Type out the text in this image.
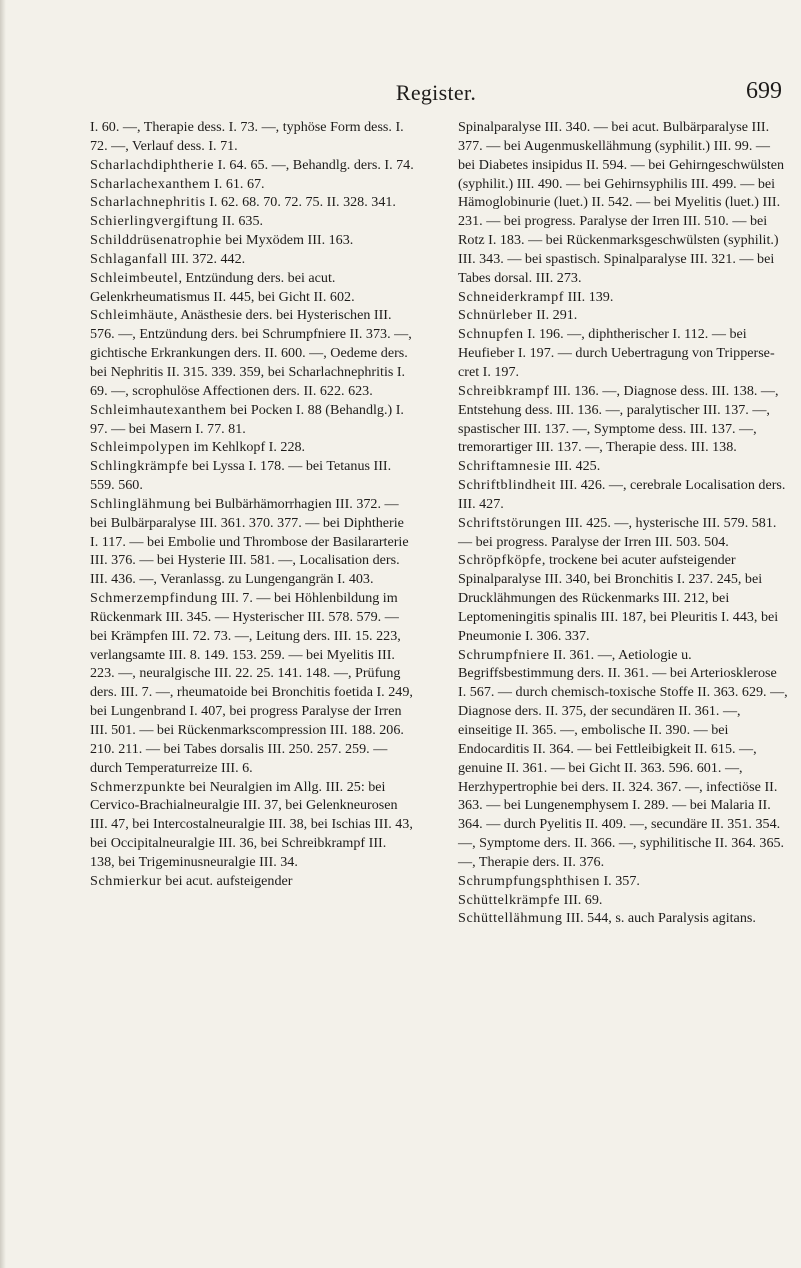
Register.	699

I. 60. —, Therapie dess. I. 73. —, typhöse Form dess. I. 72. —, Verlauf dess. I. 71.

Scharlachdiphtherie I. 64. 65. —, Behandlg. ders. I. 74.

Scharlachexanthem I. 61. 67.

Scharlachnephritis I. 62. 68. 70. 72. 75. II. 328. 341.

Schierlingvergiftung II. 635.

Schilddrüsenatrophie bei Myxödem III. 163.

Schlaganfall III. 372. 442.

Schleimbeutel, Entzündung ders. bei acut. Gelenkrheumatismus II. 445, bei Gicht II. 602.

Schleimhäute, Anästhesie ders. bei Hysterischen III. 576. —, Entzündung ders. bei Schrumpfniere II. 373. —, gichtische Erkrankungen ders. II. 600. —, Oedeme ders. bei Nephritis II. 315. 339. 359, bei Scharlachnephritis I. 69. —, scrophulöse Affectionen ders. II. 622. 623.

Schleimhautexanthem bei Pocken I. 88 (Behandlg.) I. 97. — bei Masern I. 77. 81.

Schleimpolypen im Kehlkopf I. 228.

Schlingkrämpfe bei Lyssa I. 178. — bei Tetanus III. 559. 560.

Schlinglähmung bei Bulbärhämorrhagien III. 372. — bei Bulbärparalyse III. 361. 370. 377. — bei Diphtherie I. 117. — bei Embolie und Thrombose der Basilararterie III. 376. — bei Hysterie III. 581. —, Localisation ders. III. 436. —, Veranlassg. zu Lungengangrän I. 403.

Schmerzempfindung III. 7. — bei Höhlenbildung im Rückenmark III. 345. — Hysterischer III. 578. 579. — bei Krämpfen III. 72. 73. —, Leitung ders. III. 15. 223, verlangsamte III. 8. 149. 153. 259. — bei Myelitis III. 223. —, neuralgische III. 22. 25. 141. 148. —, Prüfung ders. III. 7. —, rheumatoide bei Bronchitis foetida I. 249, bei Lungenbrand I. 407, bei progress Paralyse der Irren III. 501. — bei Rückenmarkscompression III. 188. 206. 210. 211. — bei Tabes dorsalis III. 250. 257. 259. — durch Temperaturreize III. 6.

Schmerzpunkte bei Neuralgien im Allg. III. 25: bei Cervico-Brachialneuralgie III. 37, bei Gelenkneurosen III. 47, bei Intercostalneuralgie III. 38, bei Ischias III. 43, bei Occipitalneuralgie III. 36, bei Schreibkrampf III. 138, bei Trigeminusneuralgie III. 34.

Schmierkur bei acut. aufsteigender

Spinalparalyse III. 340. — bei acut. Bulbärparalyse III. 377. — bei Augenmuskellähmung (syphilit.) III. 99. — bei Diabetes insipidus II. 594. — bei Gehirngeschwülsten (syphilit.) III. 490. — bei Gehirnsyphilis III. 499. — bei Hämoglobinurie (luet.) II. 542. — bei Myelitis (luet.) III. 231. — bei progress. Paralyse der Irren III. 510. — bei Rotz I. 183. — bei Rückenmarksgeschwülsten (syphilit.) III. 343. — bei spastisch. Spinalparalyse III. 321. — bei Tabes dorsal. III. 273.

Schneiderkrampf III. 139.

Schnürleber II. 291.

Schnupfen I. 196. —, diphtherischer I. 112. — bei Heufieber I. 197. — durch Uebertragung von Tripperse-cret I. 197.

Schreibkrampf III. 136. —, Diagnose dess. III. 138. —, Entstehung dess. III. 136. —, paralytischer III. 137. —, spastischer III. 137. —, Symptome dess. III. 137. —, tremorartiger III. 137. —, Therapie dess. III. 138.

Schriftamnesie III. 425.

Schriftblindheit III. 426. —, cerebrale Localisation ders. III. 427.

Schriftstörungen III. 425. —, hysterische III. 579. 581. — bei progress. Paralyse der Irren III. 503. 504.

Schröpfköpfe, trockene bei acuter aufsteigender Spinalparalyse III. 340, bei Bronchitis I. 237. 245, bei Drucklähmungen des Rückenmarks III. 212, bei Leptomeningitis spinalis III. 187, bei Pleuritis I. 443, bei Pneumonie I. 306. 337.

Schrumpfniere II. 361. —, Aetiologie u. Begriffsbestimmung ders. II. 361. — bei Arteriosklerose I. 567. — durch chemisch-toxische Stoffe II. 363. 629. —, Diagnose ders. II. 375, der secundären II. 361. —, einseitige II. 365. —, embolische II. 390. — bei Endocarditis II. 364. — bei Fettleibigkeit II. 615. —, genuine II. 361. — bei Gicht II. 363. 596. 601. —, Herzhypertrophie bei ders. II. 324. 367. —, infectiöse II. 363. — bei Lungenemphysem I. 289. — bei Malaria II. 364. — durch Pyelitis II. 409. —, secundäre II. 351. 354. —, Symptome ders. II. 366. —, syphilitische II. 364. 365. —, Therapie ders. II. 376.

Schrumpfungsphthisen I. 357.

Schüttelkrämpfe III. 69.

Schüttellähmung III. 544, s. auch Paralysis agitans.
